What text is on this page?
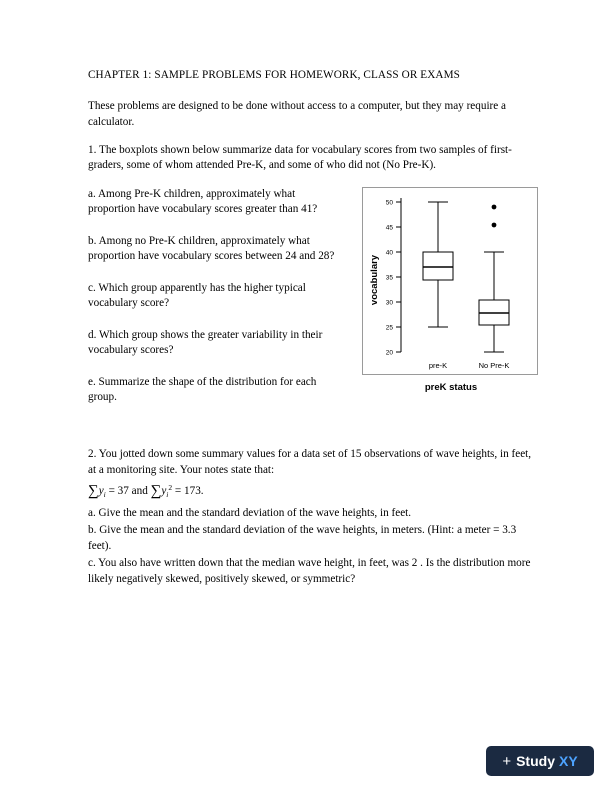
CHAPTER 1: SAMPLE PROBLEMS FOR HOMEWORK, CLASS OR EXAMS
These problems are designed to be done without access to a computer, but they may require a calculator.
1. The boxplots shown below summarize data for vocabulary scores from two samples of first-graders, some of whom attended Pre-K, and some of who did not (No Pre-K).
a. Among Pre-K children, approximately what proportion have vocabulary scores greater than 41?
b. Among no Pre-K children, approximately what proportion have vocabulary scores between 24 and 28?
c. Which group apparently has the higher typical vocabulary score?
d. Which group shows the greater variability in their vocabulary scores?
e. Summarize the shape of the distribution for each group.
50
45
40
35
30
25
20
vocabulary
pre-K	No Pre-K
preK status
2. You jotted down some summary values for a data set of 15 observations of wave heights, in feet, at a monitoring site. Your notes state that:
$\sum y_i = 37$ and $\sum y_i^2 = 173$.
a. Give the mean and the standard deviation of the wave heights, in feet.
b. Give the mean and the standard deviation of the wave heights, in meters. (Hint: a meter = 3.3 feet).
c. You also have written down that the median wave height, in feet, was 2 . Is the distribution more likely negatively skewed, positively skewed, or symmetric?
+ Study XY
